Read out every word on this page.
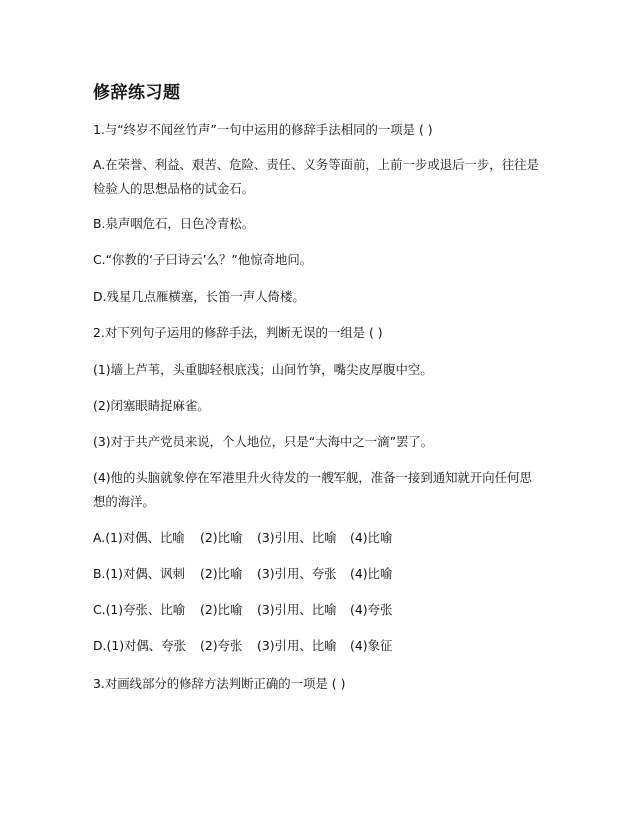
修辞练习题
1.与“终岁不闻丝竹声”一句中运用的修辞手法相同的一项是 ( )
A.在荣誉、利益、艰苦、危险、责任、义务等面前，上前一步或退后一步，往往是
检验人的思想品格的试金石。
B.泉声咽危石，日色冷青松。
C.“你教的‘子曰诗云’么？”他惊奇地问。
D.残星几点雁横塞，长笛一声人倚楼。
2.对下列句子运用的修辞手法，判断无误的一组是 ( )
(1)墙上芦苇，头重脚轻根底浅；山间竹笋，嘴尖皮厚腹中空。
(2)闭塞眼睛捉麻雀。
(3)对于共产党员来说，个人地位，只是“大海中之一滴”罢了。
(4)他的头脑就象停在军港里升火待发的一艘军舰，准备一接到通知就开向任何思
想的海洋。
A.(1)对偶、比喻 (2)比喻 (3)引用、比喻 (4)比喻
B.(1)对偶、讽刺 (2)比喻 (3)引用、夸张 (4)比喻
C.(1)夸张、比喻 (2)比喻 (3)引用、比喻 (4)夸张
D.(1)对偶、夸张 (2)夸张 (3)引用、比喻 (4)象征
3.对画线部分的修辞方法判断正确的一项是 ( )
